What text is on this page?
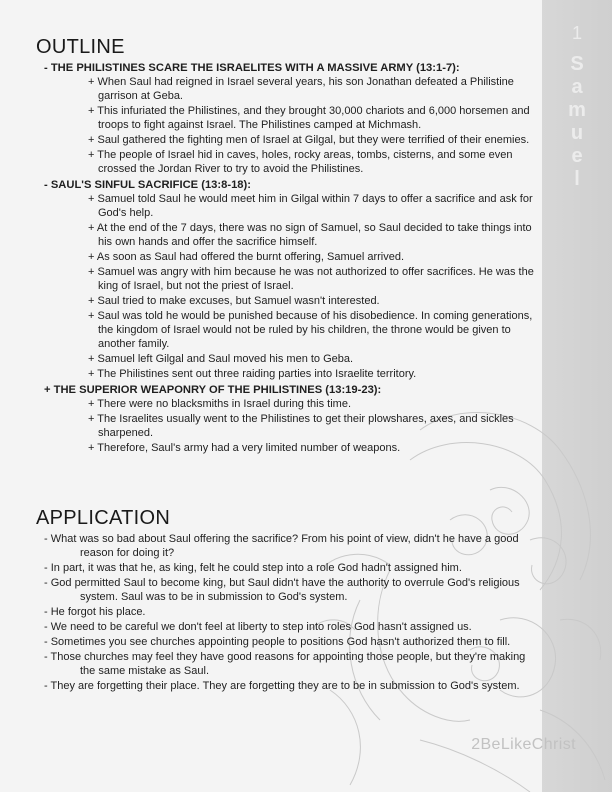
1
S
a
m
u
e
l
OUTLINE
- THE PHILISTINES SCARE THE ISRAELITES WITH A MASSIVE ARMY (13:1-7):
+ When Saul had reigned in Israel several years, his son Jonathan defeated a Philistine garrison at Geba.
+ This infuriated the Philistines, and they brought 30,000 chariots and 6,000 horsemen and troops to fight against Israel. The Philistines camped at Michmash.
+ Saul gathered the fighting men of Israel at Gilgal, but they were terrified of their enemies.
+ The people of Israel hid in caves, holes, rocky areas, tombs, cisterns, and some even crossed the Jordan River to try to avoid the Philistines.
- SAUL'S SINFUL SACRIFICE (13:8-18):
+ Samuel told Saul he would meet him in Gilgal within 7 days to offer a sacrifice and ask for God's help.
+ At the end of the 7 days, there was no sign of Samuel, so Saul decided to take things into his own hands and offer the sacrifice himself.
+ As soon as Saul had offered the burnt offering, Samuel arrived.
+ Samuel was angry with him because he was not authorized to offer sacrifices. He was the king of Israel, but not the priest of Israel.
+ Saul tried to make excuses, but Samuel wasn't interested.
+ Saul was told he would be punished because of his disobedience. In coming generations, the kingdom of Israel would not be ruled by his children, the throne would be given to another family.
+ Samuel left Gilgal and Saul moved his men to Geba.
+ The Philistines sent out three raiding parties into Israelite territory.
+ THE SUPERIOR WEAPONRY OF THE PHILISTINES (13:19-23):
+ There were no blacksmiths in Israel during this time.
+ The Israelites usually went to the Philistines to get their plowshares, axes, and sickles sharpened.
+ Therefore, Saul's army had a very limited number of weapons.
APPLICATION
- What was so bad about Saul offering the sacrifice? From his point of view, didn't he have a good reason for doing it?
- In part, it was that he, as king, felt he could step into a role God hadn't assigned him.
- God permitted Saul to become king, but Saul didn't have the authority to overrule God's religious system. Saul was to be in submission to God's system.
- He forgot his place.
- We need to be careful we don't feel at liberty to step into roles God hasn't assigned us.
- Sometimes you see churches appointing people to positions God hasn't authorized them to fill.
- Those churches may feel they have good reasons for appointing those people, but they're making the same mistake as Saul.
- They are forgetting their place. They are forgetting they are to be in submission to God's system.
2BeLikeChrist
